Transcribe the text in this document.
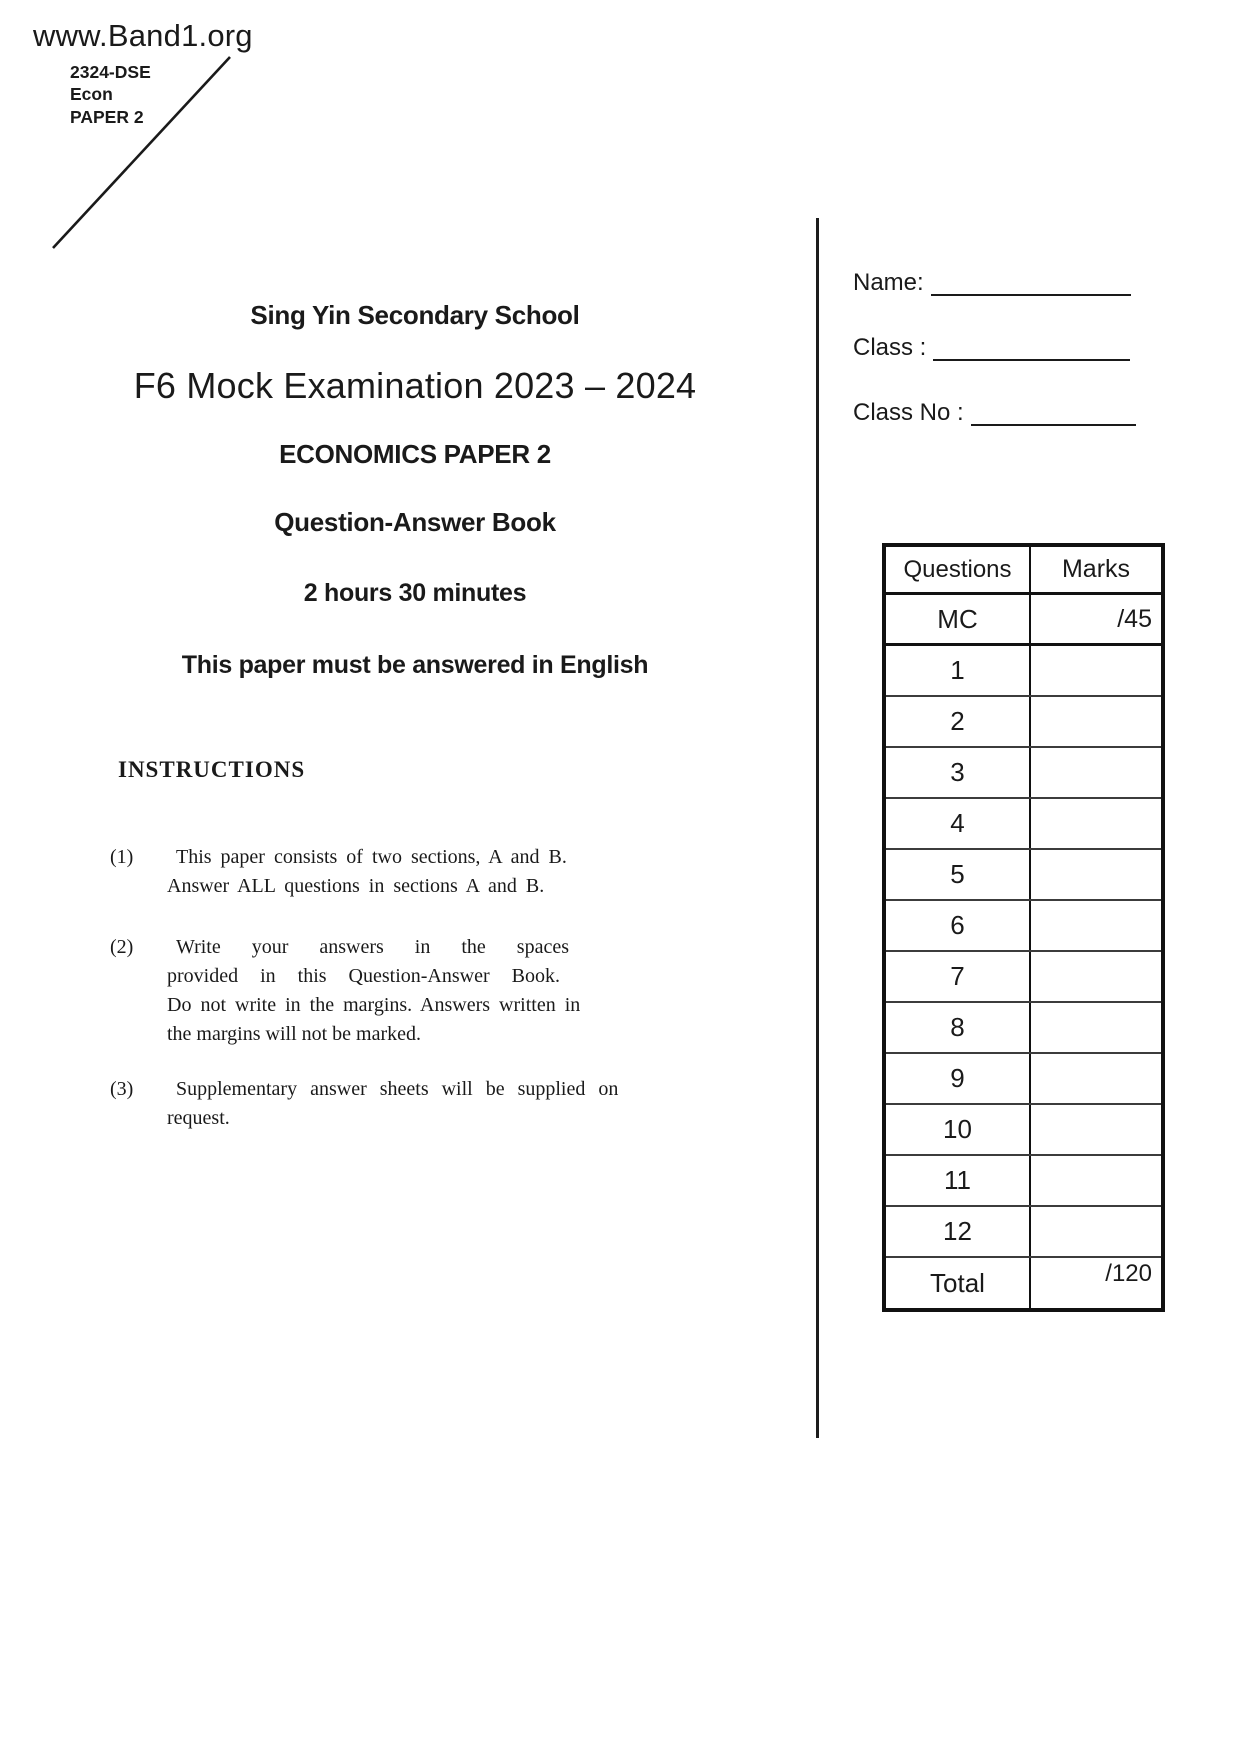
www.Band1.org
2324-DSE
Econ
PAPER 2
Sing Yin Secondary School
F6 Mock Examination 2023 – 2024
ECONOMICS PAPER 2
Question-Answer Book
2 hours 30 minutes
This paper must be answered in English
INSTRUCTIONS
(1)	This paper consists of two sections, A and B.
Answer ALL questions in sections A and B.
(2)	Write your answers in the spaces
provided in this Question-Answer Book.
Do not write in the margins. Answers written in
the margins will not be marked.
(3)	Supplementary answer sheets will be supplied on
request.
Name:
Class :
Class No :
Questions	Marks
MC	/45
1
2
3
4
5
6
7
8
9
10
11
12
Total	/120
